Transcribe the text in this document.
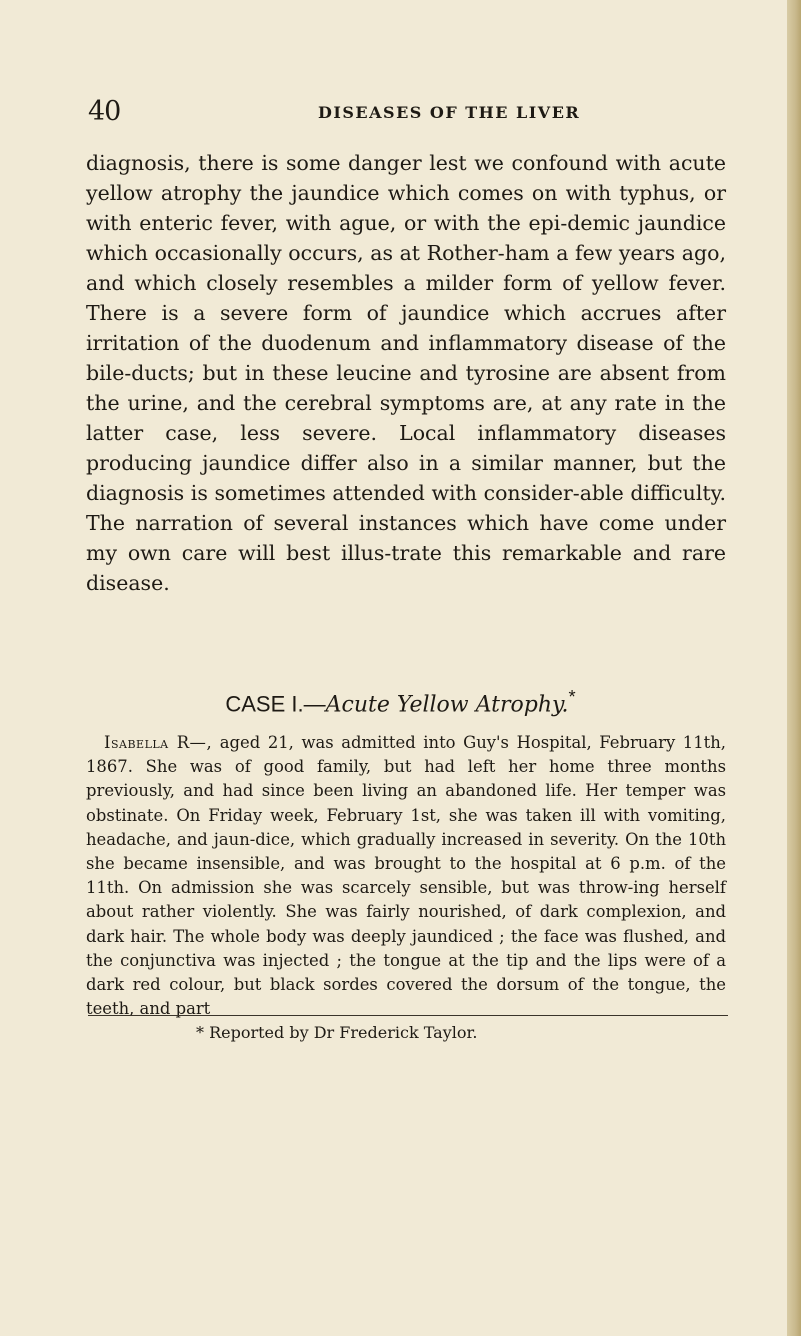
40	DISEASES OF THE LIVER

diagnosis, there is some danger lest we confound with acute yellow atrophy the jaundice which comes on with typhus, or with enteric fever, with ague, or with the epi-demic jaundice which occasionally occurs, as at Rother-ham a few years ago, and which closely resembles a milder form of yellow fever. There is a severe form of jaundice which accrues after irritation of the duodenum and inflammatory disease of the bile-ducts; but in these leucine and tyrosine are absent from the urine, and the cerebral symptoms are, at any rate in the latter case, less severe. Local inflammatory diseases producing jaundice differ also in a similar manner, but the diagnosis is sometimes attended with consider-able difficulty. The narration of several instances which have come under my own care will best illus-trate this remarkable and rare disease.

CASE I.—Acute Yellow Atrophy.*

Isabella R—, aged 21, was admitted into Guy's Hospital, February 11th, 1867. She was of good family, but had left her home three months previously, and had since been living an abandoned life. Her temper was obstinate. On Friday week, February 1st, she was taken ill with vomiting, headache, and jaun-dice, which gradually increased in severity. On the 10th she became insensible, and was brought to the hospital at 6 p.m. of the 11th. On admission she was scarcely sensible, but was throw-ing herself about rather violently. She was fairly nourished, of dark complexion, and dark hair. The whole body was deeply jaundiced ; the face was flushed, and the conjunctiva was injected ; the tongue at the tip and the lips were of a dark red colour, but black sordes covered the dorsum of the tongue, the teeth, and part

* Reported by Dr Frederick Taylor.
